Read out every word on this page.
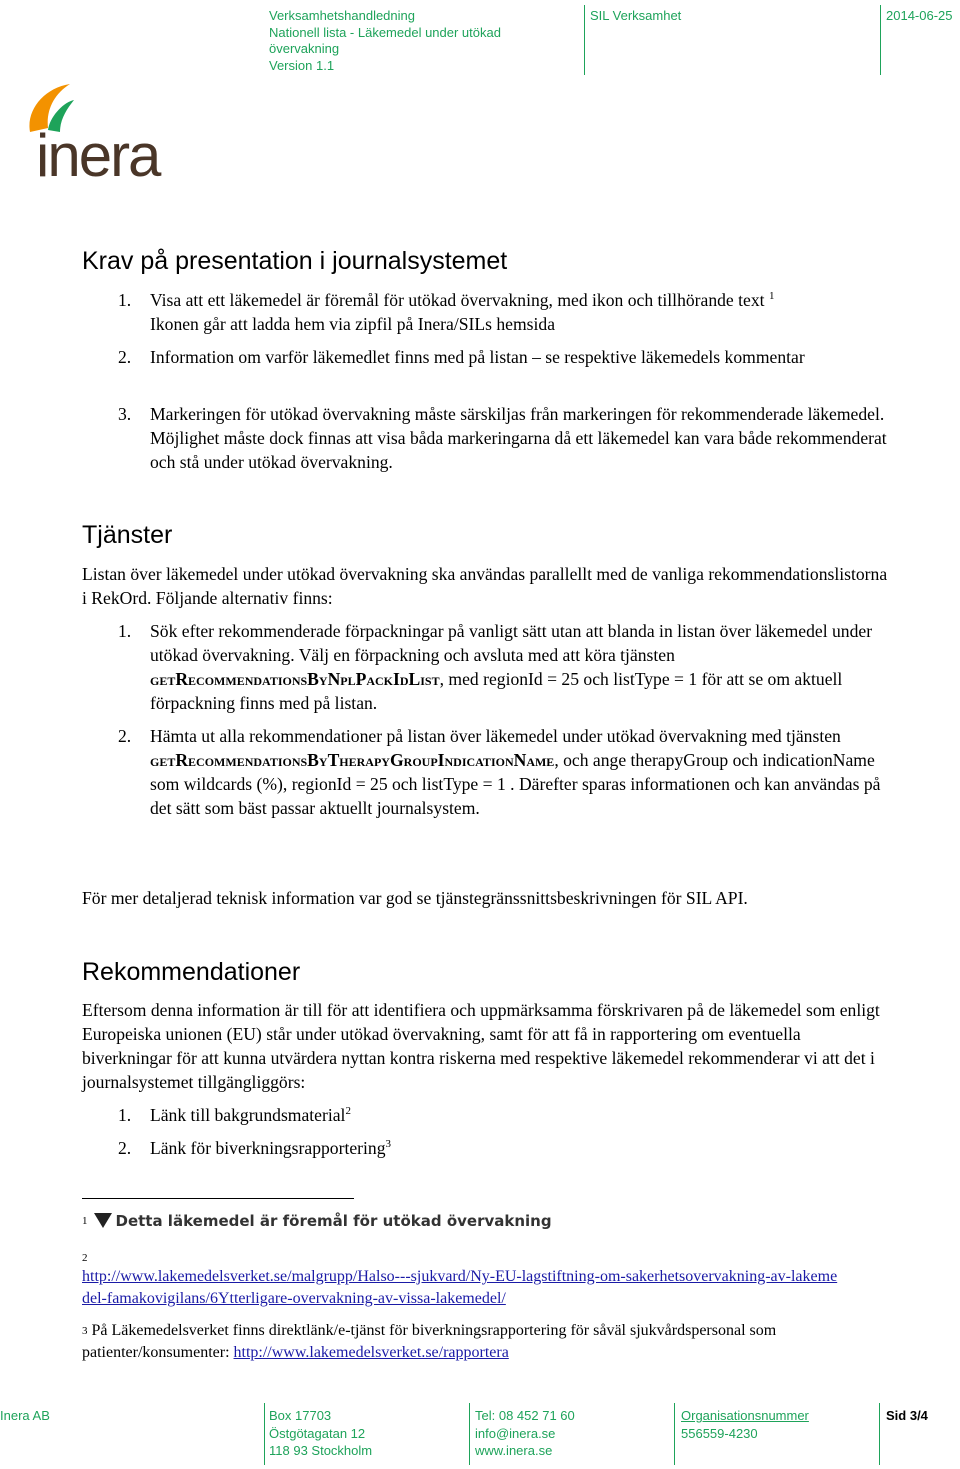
Verksamhetshandledning
Nationell lista - Läkemedel under utökad övervakning
Version 1.1
SIL Verksamhet	2014-06-25
inera
Krav på presentation i journalsystemet
1.	Visa att ett läkemedel är föremål för utökad övervakning, med ikon och tillhörande text $^1$
Ikonen går att ladda hem via zipfil på Inera/SILs hemsida
2.	Information om varför läkemedlet finns med på listan – se respektive läkemedels kommentar
3.	Markeringen för utökad övervakning måste särskiljas från markeringen för rekommenderade läkemedel. Möjlighet måste dock finnas att visa båda markeringarna då ett läkemedel kan vara både rekommenderat och stå under utökad övervakning.
Tjänster

Listan över läkemedel under utökad övervakning ska användas parallellt med de vanliga rekommendationslistorna i RekOrd. Följande alternativ finns:

1.	Sök efter rekommenderade förpackningar på vanligt sätt utan att blanda in listan över läkemedel under utökad övervakning. Välj en förpackning och avsluta med att köra tjänsten getRecommendationsByNplPackIdList, med regionId = 25 och listType = 1 för att se om aktuell förpackning finns med på listan.
2.	Hämta ut alla rekommendationer på listan över läkemedel under utökad övervakning med tjänsten getRecommendationsByTherapyGroupIndicationName, och ange therapyGroup och indicationName som wildcards (%), regionId = 25 och listType = 1 . Därefter sparas informationen och kan användas på det sätt som bäst passar aktuellt journalsystem.

För mer detaljerad teknisk information var god se tjänstegränssnittsbeskrivningen för SIL API.

Rekommendationer

Eftersom denna information är till för att identifiera och uppmärksamma förskrivaren på de läkemedel som enligt Europeiska unionen (EU) står under utökad övervakning, samt för att få in rapportering om eventuella biverkningar för att kunna utvärdera nyttan kontra riskerna med respektive läkemedel rekommenderar vi att det i journalsystemet tillgängliggörs:

1.	Länk till bakgrundsmaterial$^2$
2.	Länk för biverkningsrapportering$^3$
$^1$ Detta läkemedel är föremål för utökad övervakning
2
http://www.lakemedelsverket.se/malgrupp/Halso---sjukvard/Ny-EU-lagstiftning-om-sakerhetsovervakning-av-lakemedel-famakovigilans/6Ytterligare-overvakning-av-vissa-lakemedel/
$^3$ På Läkemedelsverket finns direktlänk/e-tjänst för biverkningsrapportering för såväl sjukvårdspersonal som patienter/konsumenter: http://www.lakemedelsverket.se/rapportera
Inera AB	Box 17703
Östgötagatan 12
118 93 Stockholm
Tel: 08 452 71 60
info@inera.se
www.inera.se
Organisationsnummer
556559-4230
Sid 3/4
